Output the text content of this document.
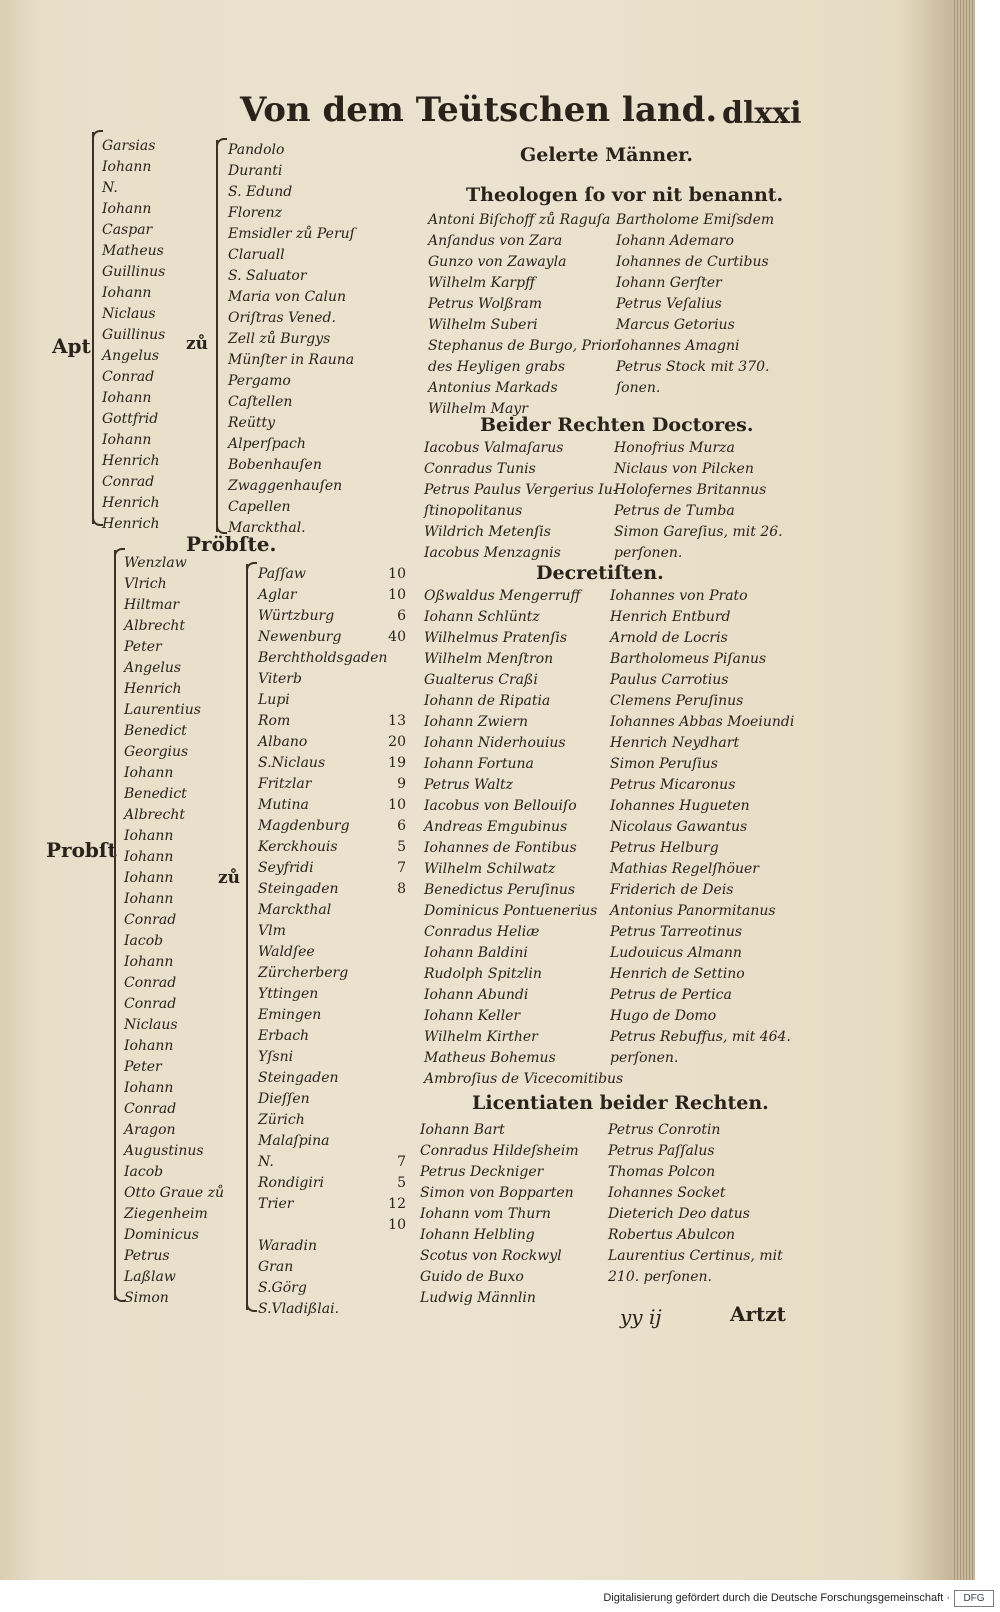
Von dem Teütschen land. dlxxi
Apt
Garsias
Iohann
N.
Iohann
Caspar
Matheus
Guillinus
Iohann
Niclaus
Guillinus
Angelus
Conrad
Iohann
Gottfrid
Iohann
Henrich
Conrad
Henrich
Henrich
zů
Pandolo
Duranti
S. Edund
Florenz
Emsidler zů Peruſ
Claruall
S. Saluator
Maria von Calun
Oriſtras Vened.
Zell zů Burgys
Münſter in Rauna
Pergamo
Caſtellen
Reütty
Alperſpach
Bobenhauſen
Zwaggenhauſen
Capellen
Marckthal.
Pröbſte.
Probſt
Wenzlaw
Vlrich
Hiltmar
Albrecht
Peter
Angelus
Henrich
Laurentius
Benedict
Georgius
Iohann
Benedict
Albrecht
Iohann
Iohann
Iohann
Iohann
Conrad
Iacob
Iohann
Conrad
Conrad
Niclaus
Iohann
Peter
Iohann
Conrad
Aragon
Augustinus
Iacob
Otto Graue zů
Ziegenheim
Dominicus
Petrus
Laßlaw
Simon
zů
Paſſaw
Aglar
Würtzburg
Newenburg
Berchtholdsgaden
Viterb
Lupi
Rom
Albano
S.Niclaus
Fritzlar
Mutina
Magdenburg
Kerckhouis
Seyfridi
Steingaden
Marckthal
Vlm
Waldſee
Zürcherberg
Yttingen
Emingen
Erbach
Yſsni
Steingaden
Dieſſen
Zürich
Malaſpina
N.
Rondigiri
Trier
Waradin
Gran
S.Görg
S.Vladißlai.
10
10
6
40
13
20
19
9
10
6
5
7
8
7
5
12
10
Gelerte Männer.
Theologen ſo vor nit benannt.
Antoni Biſchoff zů Raguſa
Anſandus von Zara
Gunzo von Zawayla
Wilhelm Karpff
Petrus Wolßram
Wilhelm Suberi
Stephanus de Burgo, Prior
des Heyligen grabs
Antonius Markads
Wilhelm Mayr
Bartholome Emiſsdem
Iohann Ademaro
Iohannes de Curtibus
Iohann Gerſter
Petrus Veſalius
Marcus Getorius
Iohannes Amagni
Petrus Stock mit 370.
ſonen.
Beider Rechten Doctores.
Iacobus Valmaſarus
Conradus Tunis
Petrus Paulus Vergerius Iu-
ſtinopolitanus
Wildrich Metenſis
Iacobus Menzagnis
Honofrius Murza
Niclaus von Pilcken
Holofernes Britannus
Petrus de Tumba
Simon Gareſius, mit 26.
perſonen.
Decretiſten.
Oßwaldus Mengerruff
Iohann Schlüntz
Wilhelmus Pratenſis
Wilhelm Menſtron
Gualterus Craßi
Iohann de Ripatia
Iohann Zwiern
Iohann Niderhouius
Iohann Fortuna
Petrus Waltz
Iacobus von Bellouiſo
Andreas Emgubinus
Iohannes de Fontibus
Wilhelm Schilwatz
Benedictus Peruſinus
Dominicus Pontuenerius
Conradus Heliæ
Iohann Baldini
Rudolph Spitzlin
Iohann Abundi
Iohann Keller
Wilhelm Kirther
Matheus Bohemus
Ambroſius de Vicecomitibus
Iohannes von Prato
Henrich Entburd
Arnold de Locris
Bartholomeus Piſanus
Paulus Carrotius
Clemens Peruſinus
Iohannes Abbas Moeiundi
Henrich Neydhart
Simon Peruſius
Petrus Micaronus
Iohannes Hugueten
Nicolaus Gawantus
Petrus Helburg
Mathias Regelſhöuer
Friderich de Deis
Antonius Panormitanus
Petrus Tarreotinus
Ludouicus Almann
Henrich de Settino
Petrus de Pertica
Hugo de Domo
Petrus Rebuffus, mit 464.
perſonen.
Licentiaten beider Rechten.
Iohann Bart
Conradus Hildeſsheim
Petrus Deckniger
Simon von Bopparten
Iohann vom Thurn
Iohann Helbling
Scotus von Rockwyl
Guido de Buxo
Ludwig Männlin
Petrus Conrotin
Petrus Paſſalus
Thomas Polcon
Iohannes Socket
Dieterich Deo datus
Robertus Abulcon
Laurentius Certinus, mit
210. perſonen.
yy ij	Artzt
Digitalisierung gefördert durch die Deutsche Forschungsgemeinschaft ·	DFG
